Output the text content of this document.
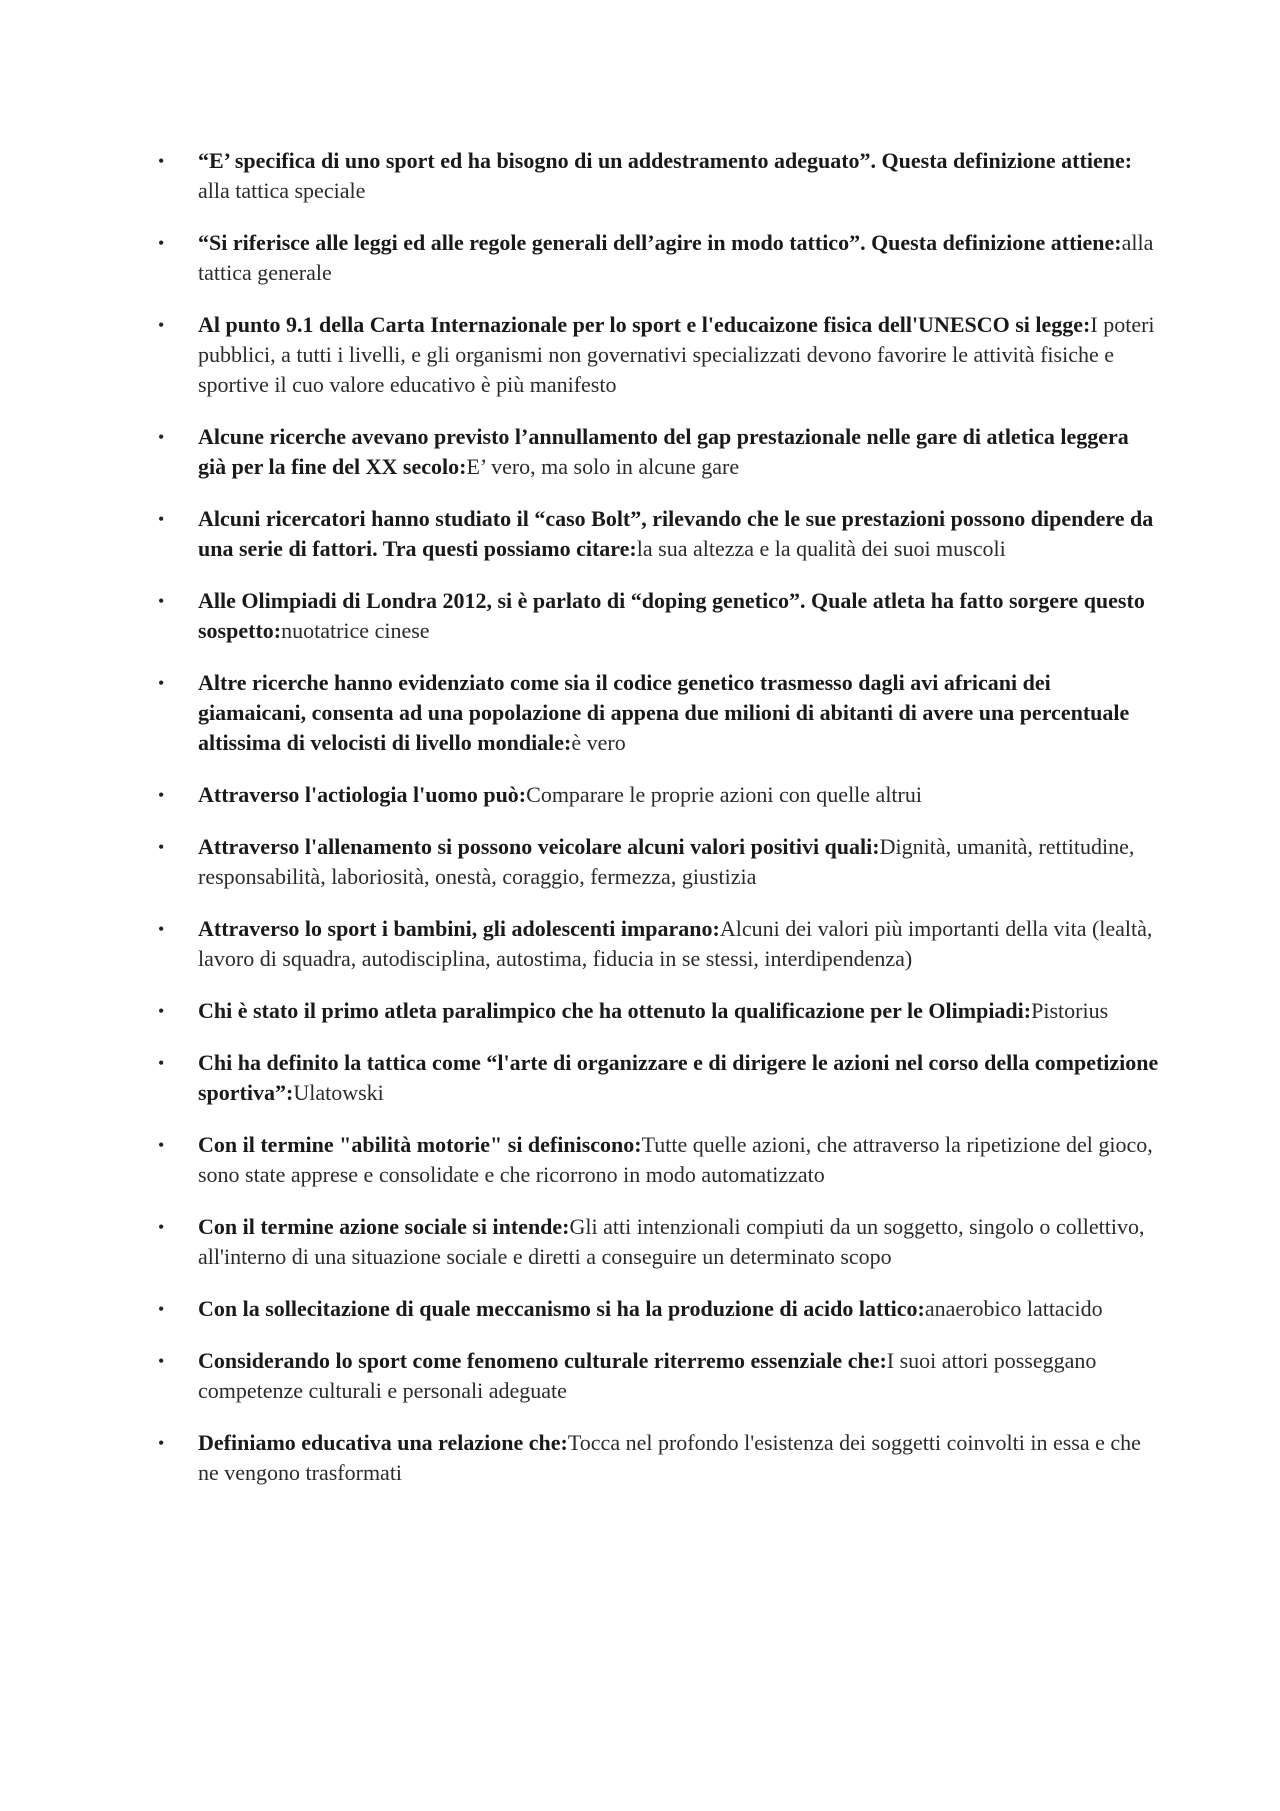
• “E’ specifica di uno sport ed ha bisogno di un addestramento adeguato”. Questa definizione attiene: alla tattica speciale
• “Si riferisce alle leggi ed alle regole generali dell’agire in modo tattico”. Questa definizione attiene:alla tattica generale
• Al punto 9.1 della Carta Internazionale per lo sport e l'educaizone fisica dell'UNESCO si legge:I poteri pubblici, a tutti i livelli, e gli organismi non governativi specializzati devono favorire le attività fisiche e sportive il cuo valore educativo è più manifesto
• Alcune ricerche avevano previsto l’annullamento del gap prestazionale nelle gare di atletica leggera già per la fine del XX secolo:E’ vero, ma solo in alcune gare
• Alcuni ricercatori hanno studiato il “caso Bolt”, rilevando che le sue prestazioni possono dipendere da una serie di fattori. Tra questi possiamo citare:la sua altezza e la qualità dei suoi muscoli
• Alle Olimpiadi di Londra 2012, si è parlato di “doping genetico”. Quale atleta ha fatto sorgere questo sospetto:nuotatrice cinese
• Altre ricerche hanno evidenziato come sia il codice genetico trasmesso dagli avi africani dei giamaicani, consenta ad una popolazione di appena due milioni di abitanti di avere una percentuale altissima di velocisti di livello mondiale:è vero
• Attraverso l'actiologia l'uomo può:Comparare le proprie azioni con quelle altrui
• Attraverso l'allenamento si possono veicolare alcuni valori positivi quali:Dignità, umanità, rettitudine, responsabilità, laboriosità, onestà, coraggio, fermezza, giustizia
• Attraverso lo sport i bambini, gli adolescenti imparano:Alcuni dei valori più importanti della vita (lealtà, lavoro di squadra, autodisciplina, autostima, fiducia in se stessi, interdipendenza)
• Chi è stato il primo atleta paralimpico che ha ottenuto la qualificazione per le Olimpiadi:Pistorius
• Chi ha definito la tattica come “l'arte di organizzare e di dirigere le azioni nel corso della competizione sportiva”:Ulatowski
• Con il termine "abilità motorie" si definiscono:Tutte quelle azioni, che attraverso la ripetizione del gioco, sono state apprese e consolidate e che ricorrono in modo automatizzato
• Con il termine azione sociale si intende:Gli atti intenzionali compiuti da un soggetto, singolo o collettivo, all'interno di una situazione sociale e diretti a conseguire un determinato scopo
• Con la sollecitazione di quale meccanismo si ha la produzione di acido lattico:anaerobico lattacido
• Considerando lo sport come fenomeno culturale riterremo essenziale che:I suoi attori posseggano competenze culturali e personali adeguate
• Definiamo educativa una relazione che:Tocca nel profondo l'esistenza dei soggetti coinvolti in essa e che ne vengono trasformati
